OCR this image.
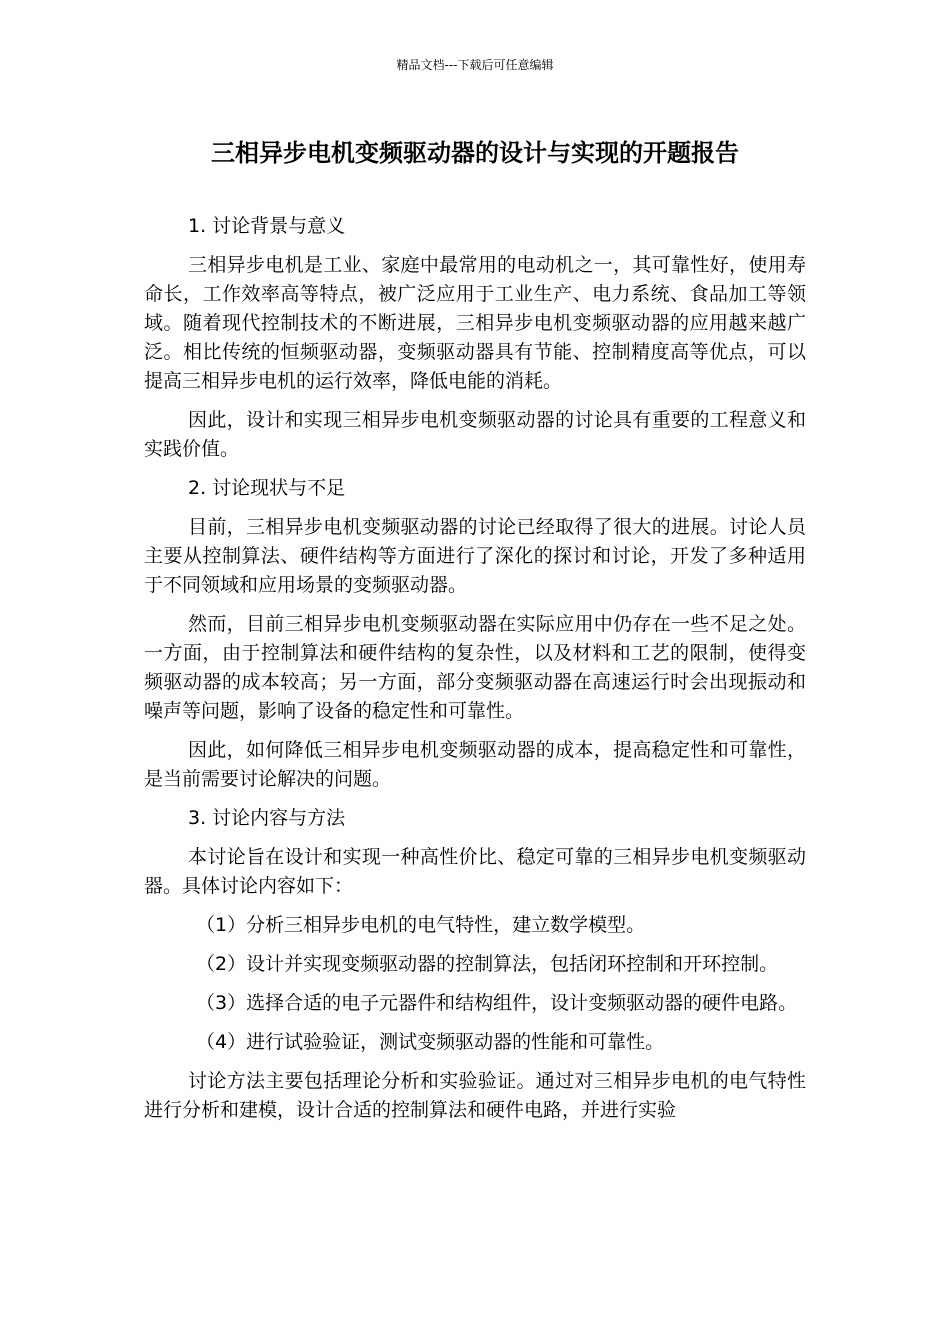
精品文档---下载后可任意编辑
三相异步电机变频驱动器的设计与实现的开题报告

1. 讨论背景与意义

三相异步电机是工业、家庭中最常用的电动机之一，其可靠性好，使用寿命长，工作效率高等特点，被广泛应用于工业生产、电力系统、食品加工等领域。随着现代控制技术的不断进展，三相异步电机变频驱动器的应用越来越广泛。相比传统的恒频驱动器，变频驱动器具有节能、控制精度高等优点，可以提高三相异步电机的运行效率，降低电能的消耗。

因此，设计和实现三相异步电机变频驱动器的讨论具有重要的工程意义和实践价值。

2. 讨论现状与不足

目前，三相异步电机变频驱动器的讨论已经取得了很大的进展。讨论人员主要从控制算法、硬件结构等方面进行了深化的探讨和讨论，开发了多种适用于不同领域和应用场景的变频驱动器。

然而，目前三相异步电机变频驱动器在实际应用中仍存在一些不足之处。一方面，由于控制算法和硬件结构的复杂性，以及材料和工艺的限制，使得变频驱动器的成本较高；另一方面，部分变频驱动器在高速运行时会出现振动和噪声等问题，影响了设备的稳定性和可靠性。

因此，如何降低三相异步电机变频驱动器的成本，提高稳定性和可靠性，是当前需要讨论解决的问题。

3. 讨论内容与方法

本讨论旨在设计和实现一种高性价比、稳定可靠的三相异步电机变频驱动器。具体讨论内容如下：

（1）分析三相异步电机的电气特性，建立数学模型。

（2）设计并实现变频驱动器的控制算法，包括闭环控制和开环控制。

（3）选择合适的电子元器件和结构组件，设计变频驱动器的硬件电路。

（4）进行试验验证，测试变频驱动器的性能和可靠性。

讨论方法主要包括理论分析和实验验证。通过对三相异步电机的电气特性进行分析和建模，设计合适的控制算法和硬件电路，并进行实验
